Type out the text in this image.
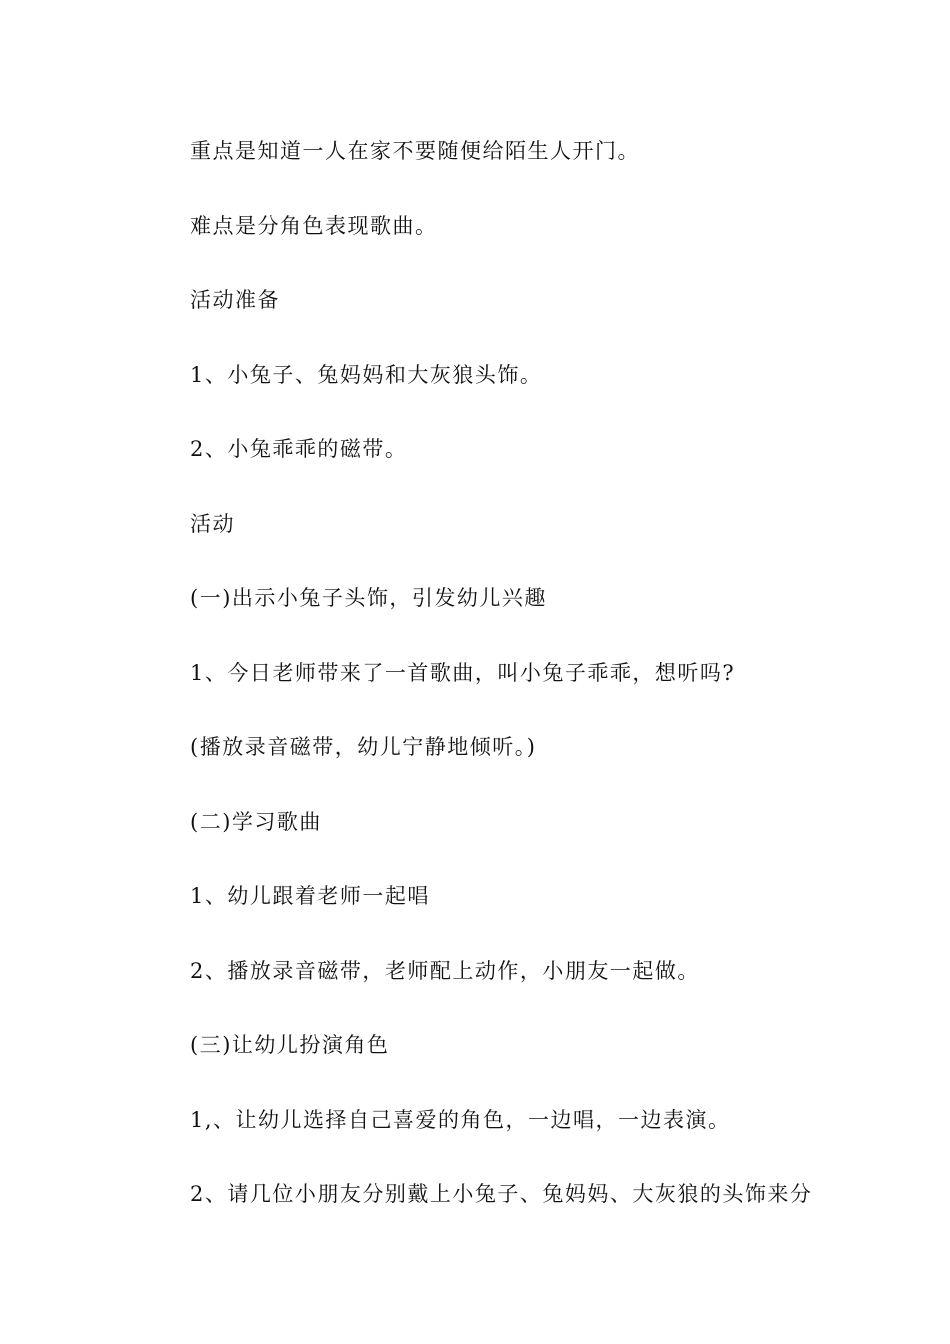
重点是知道一人在家不要随便给陌生人开门。
难点是分角色表现歌曲。
活动准备
1、小兔子、兔妈妈和大灰狼头饰。
2、小兔乖乖的磁带。
活动
(一)出示小兔子头饰，引发幼儿兴趣
1、今日老师带来了一首歌曲，叫小兔子乖乖，想听吗?
(播放录音磁带，幼儿宁静地倾听。)
(二)学习歌曲
1、幼儿跟着老师一起唱
2、播放录音磁带，老师配上动作，小朋友一起做。
(三)让幼儿扮演角色
1,、让幼儿选择自己喜爱的角色，一边唱，一边表演。
2、请几位小朋友分别戴上小兔子、兔妈妈、大灰狼的头饰来分
